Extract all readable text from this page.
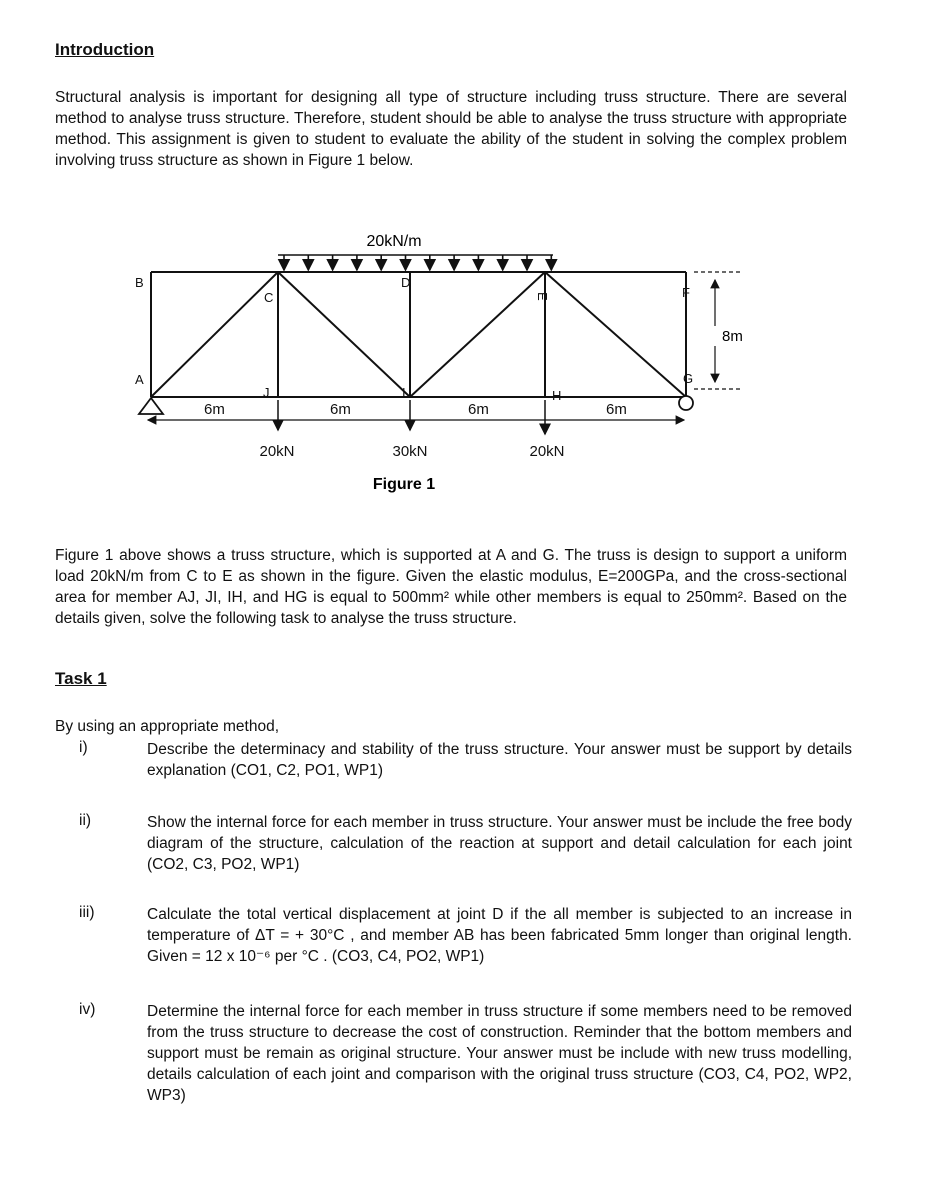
Introduction
Structural analysis is important for designing all type of structure including truss structure. There are several method to analyse truss structure. Therefore, student should be able to analyse the truss structure with appropriate method. This assignment is given to student to evaluate the ability of the student in solving the complex problem involving truss structure as shown in Figure 1 below.
20kN/m
B
A
C
D
E	F
G
J	I	H
8m
6m	6m	6m	6m
20kN	30kN	20kN
Figure 1
Figure 1 above shows a truss structure, which is supported at A and G. The truss is design to support a uniform load 20kN/m from C to E as shown in the figure. Given the elastic modulus, E=200GPa, and the cross-sectional area for member AJ, JI, IH, and HG is equal to 500mm² while other members is equal to 250mm². Based on the details given, solve the following task to analyse the truss structure.
Task 1
By using an appropriate method,
i)	Describe the determinacy and stability of the truss structure. Your answer must be support by details explanation (CO1, C2, PO1, WP1)
ii)	Show the internal force for each member in truss structure. Your answer must be include the free body diagram of the structure, calculation of the reaction at support and detail calculation for each joint (CO2, C3, PO2, WP1)
iii)	Calculate the total vertical displacement at joint D if the all member is subjected to an increase in temperature of ΔT = + 30°C , and member AB has been fabricated 5mm longer than original length. Given = 12 x 10⁻⁶ per °C . (CO3, C4, PO2, WP1)
iv)	Determine the internal force for each member in truss structure if some members need to be removed from the truss structure to decrease the cost of construction. Reminder that the bottom members and support must be remain as original structure. Your answer must be include with new truss modelling, details calculation of each joint and comparison with the original truss structure (CO3, C4, PO2, WP2, WP3)
